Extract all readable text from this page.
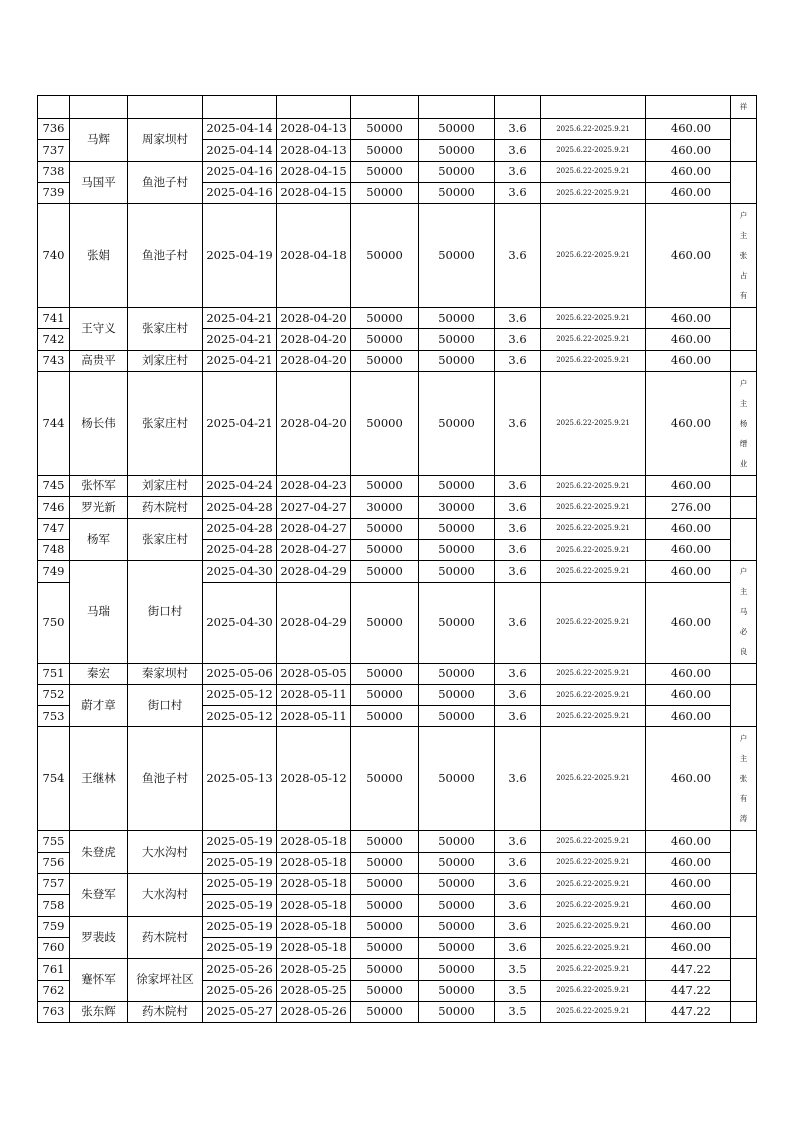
										祥
736	马辉	周家坝村	2025-04-14	2028-04-13	50000	50000	3.6	2025.6.22-2025.9.21	460.00	
737			2025-04-14	2028-04-13	50000	50000	3.6	2025.6.22-2025.9.21	460.00	
738	马国平	鱼池子村	2025-04-16	2028-04-15	50000	50000	3.6	2025.6.22-2025.9.21	460.00	
739			2025-04-16	2028-04-15	50000	50000	3.6	2025.6.22-2025.9.21	460.00	
740	张娟	鱼池子村	2025-04-19	2028-04-18	50000	50000	3.6	2025.6.22-2025.9.21	460.00	户主张占有
741	王守义	张家庄村	2025-04-21	2028-04-20	50000	50000	3.6	2025.6.22-2025.9.21	460.00	
742			2025-04-21	2028-04-20	50000	50000	3.6	2025.6.22-2025.9.21	460.00	
743	高贵平	刘家庄村	2025-04-21	2028-04-20	50000	50000	3.6	2025.6.22-2025.9.21	460.00	
744	杨长伟	张家庄村	2025-04-21	2028-04-20	50000	50000	3.6	2025.6.22-2025.9.21	460.00	户主杨缙业
745	张怀军	刘家庄村	2025-04-24	2028-04-23	50000	50000	3.6	2025.6.22-2025.9.21	460.00	
746	罗光新	药木院村	2025-04-28	2027-04-27	30000	30000	3.6	2025.6.22-2025.9.21	276.00	
747	杨军	张家庄村	2025-04-28	2028-04-27	50000	50000	3.6	2025.6.22-2025.9.21	460.00	
748			2025-04-28	2028-04-27	50000	50000	3.6	2025.6.22-2025.9.21	460.00	
749	马瑞	街口村	2025-04-30	2028-04-29	50000	50000	3.6	2025.6.22-2025.9.21	460.00	户主马必良
750			2025-04-30	2028-04-29	50000	50000	3.6	2025.6.22-2025.9.21	460.00	
751	秦宏	秦家坝村	2025-05-06	2028-05-05	50000	50000	3.6	2025.6.22-2025.9.21	460.00	
752	蔚才章	街口村	2025-05-12	2028-05-11	50000	50000	3.6	2025.6.22-2025.9.21	460.00	
753			2025-05-12	2028-05-11	50000	50000	3.6	2025.6.22-2025.9.21	460.00	
754	王继林	鱼池子村	2025-05-13	2028-05-12	50000	50000	3.6	2025.6.22-2025.9.21	460.00	户主张有涛
755	朱登虎	大水沟村	2025-05-19	2028-05-18	50000	50000	3.6	2025.6.22-2025.9.21	460.00	
756			2025-05-19	2028-05-18	50000	50000	3.6	2025.6.22-2025.9.21	460.00	
757	朱登军	大水沟村	2025-05-19	2028-05-18	50000	50000	3.6	2025.6.22-2025.9.21	460.00	
758			2025-05-19	2028-05-18	50000	50000	3.6	2025.6.22-2025.9.21	460.00	
759	罗裴歧	药木院村	2025-05-19	2028-05-18	50000	50000	3.6	2025.6.22-2025.9.21	460.00	
760			2025-05-19	2028-05-18	50000	50000	3.6	2025.6.22-2025.9.21	460.00	
761	蹇怀军	徐家坪社区	2025-05-26	2028-05-25	50000	50000	3.5	2025.6.22-2025.9.21	447.22	
762			2025-05-26	2028-05-25	50000	50000	3.5	2025.6.22-2025.9.21	447.22	
763	张东辉	药木院村	2025-05-27	2028-05-26	50000	50000	3.5	2025.6.22-2025.9.21	447.22	
